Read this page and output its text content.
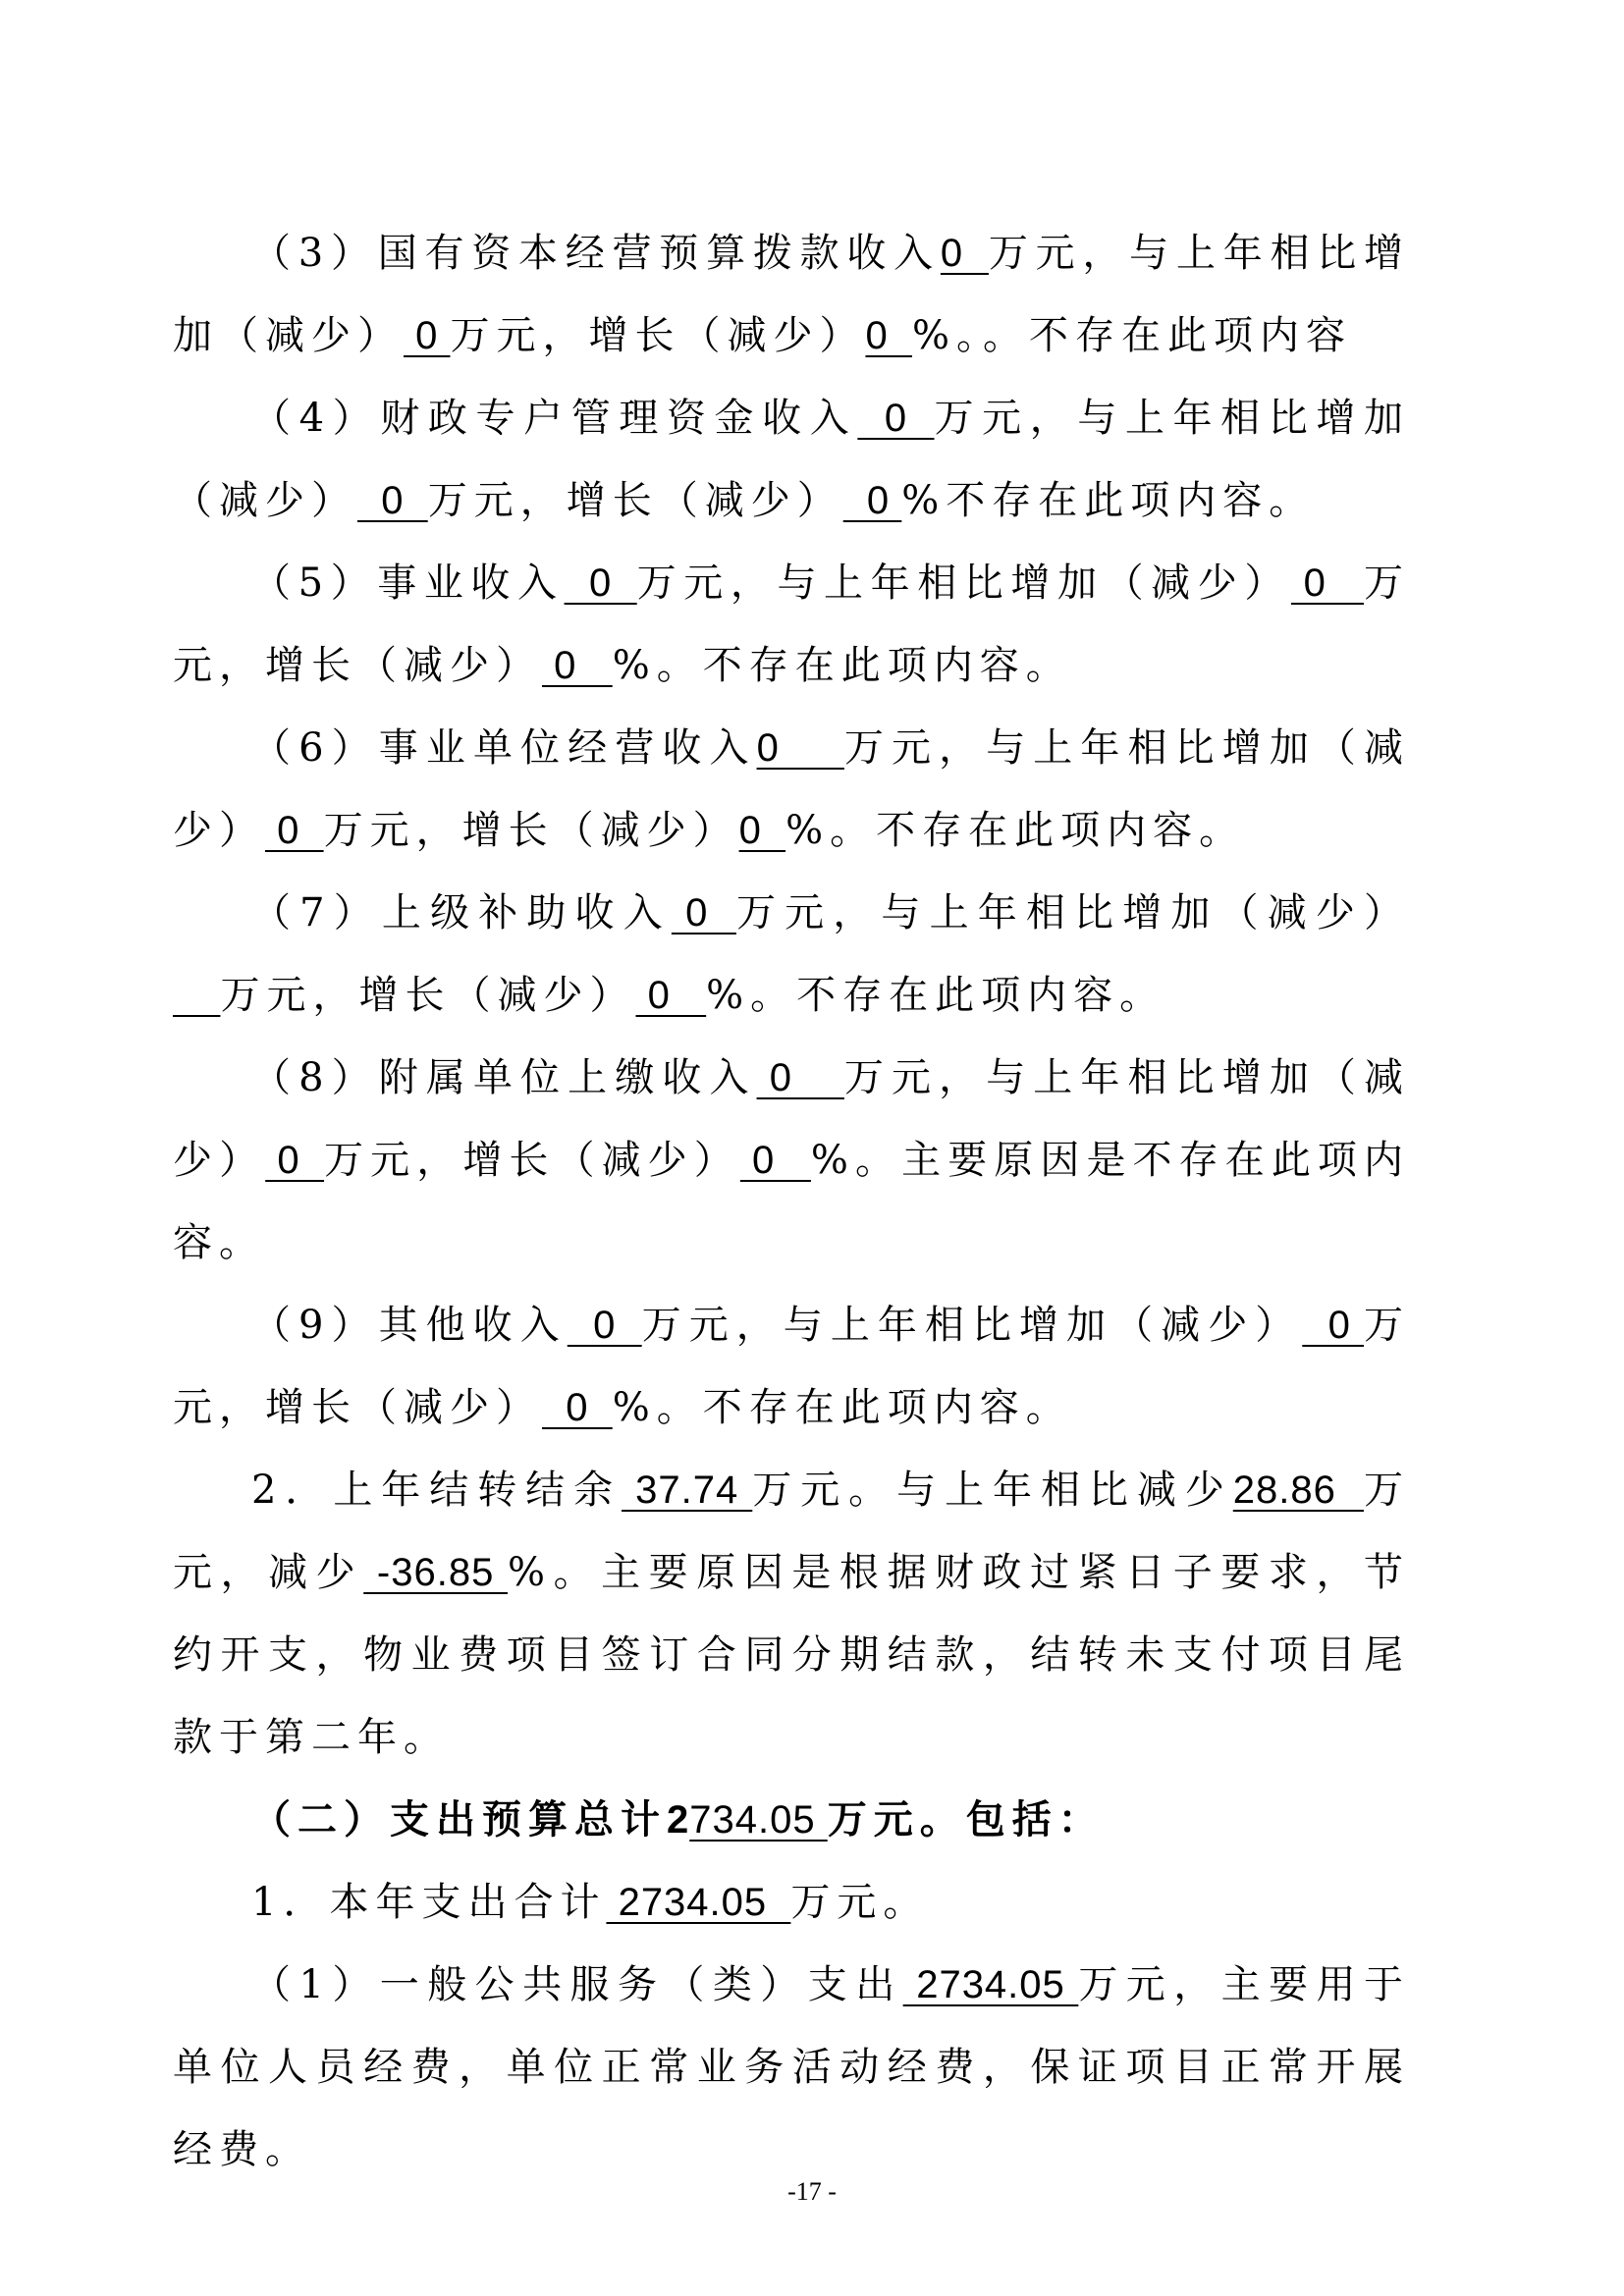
（3）国有资本经营预算拨款收入0  万元，与上年相比增加（减少） 0 万元，增长（减少）0  %。。不存在此项内容

（4）财政专户管理资金收入  0  万元，与上年相比增加（减少）  0  万元，增长（减少）  0 %不存在此项内容。

（5）事业收入  0  万元，与上年相比增加（减少） 0   万元，增长（减少） 0   %。不存在此项内容。

（6）事业单位经营收入0     万元，与上年相比增加（减少） 0  万元，增长（减少）0  %。不存在此项内容。

（7）上级补助收入 0  万元，与上年相比增加（减少）    万元，增长（减少） 0   %。不存在此项内容。

（8）附属单位上缴收入 0    万元，与上年相比增加（减少） 0  万元，增长（减少） 0   %。主要原因是不存在此项内容。

（9）其他收入  0  万元，与上年相比增加（减少）  0 万元，增长（减少）  0  %。不存在此项内容。

2．上年结转结余 37.74 万元。与上年相比减少28.86  万元，减少 -36.85 %。主要原因是根据财政过紧日子要求，节约开支，物业费项目签订合同分期结款，结转未支付项目尾款于第二年。

（二）支出预算总计2734.05 万元。包括：

1．本年支出合计 2734.05  万元。

（1）一般公共服务（类）支出 2734.05 万元，主要用于单位人员经费，单位正常业务活动经费，保证项目正常开展经费。

-17 -
